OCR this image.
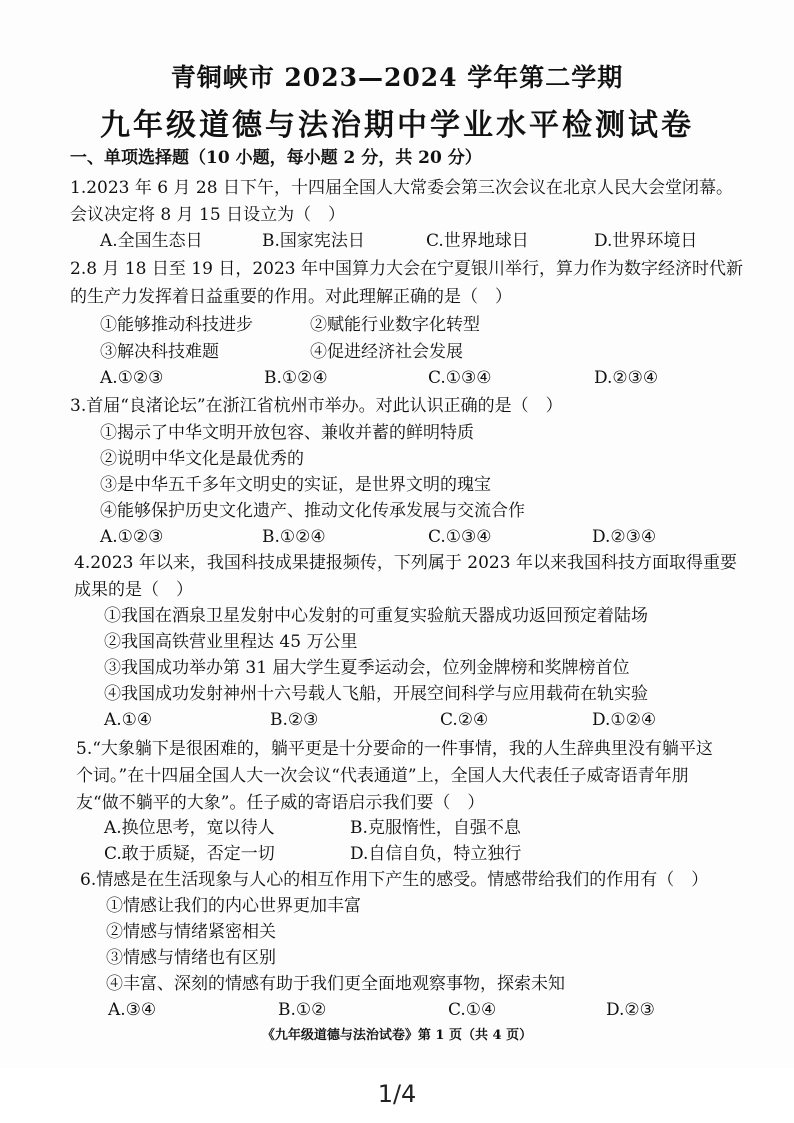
青铜峡市 2023—2024 学年第二学期
九年级道德与法治期中学业水平检测试卷
一、单项选择题（10 小题，每小题 2 分，共 20 分）
1.2023 年 6 月 28 日下午，十四届全国人大常委会第三次会议在北京人民大会堂闭幕。
会议决定将 8 月 15 日设立为（　）
A.全国生态日	B.国家宪法日	C.世界地球日	D.世界环境日
2.8 月 18 日至 19 日，2023 年中国算力大会在宁夏银川举行，算力作为数字经济时代新
的生产力发挥着日益重要的作用。对此理解正确的是（　）
①能够推动科技进步	②赋能行业数字化转型
③解决科技难题	④促进经济社会发展
A.①②③	B.①②④	C.①③④	D.②③④
3.首届“良渚论坛”在浙江省杭州市举办。对此认识正确的是（　）
①揭示了中华文明开放包容、兼收并蓄的鲜明特质
②说明中华文化是最优秀的
③是中华五千多年文明史的实证，是世界文明的瑰宝
④能够保护历史文化遗产、推动文化传承发展与交流合作
A.①②③	B.①②④	C.①③④	D.②③④
4.2023 年以来，我国科技成果捷报频传，下列属于 2023 年以来我国科技方面取得重要
成果的是（　）
①我国在酒泉卫星发射中心发射的可重复实验航天器成功返回预定着陆场
②我国高铁营业里程达 45 万公里
③我国成功举办第 31 届大学生夏季运动会，位列金牌榜和奖牌榜首位
④我国成功发射神州十六号载人飞船，开展空间科学与应用载荷在轨实验
A.①④	B.②③	C.②④	D.①②④
5.“大象躺下是很困难的，躺平更是十分要命的一件事情，我的人生辞典里没有躺平这
个词。”在十四届全国人大一次会议“代表通道”上，全国人大代表任子威寄语青年朋
友“做不躺平的大象”。任子威的寄语启示我们要（　）
A.换位思考，宽以待人	B.克服惰性，自强不息
C.敢于质疑，否定一切	D.自信自负，特立独行
6.情感是在生活现象与人心的相互作用下产生的感受。情感带给我们的作用有（　）
①情感让我们的内心世界更加丰富
②情感与情绪紧密相关
③情感与情绪也有区别
④丰富、深刻的情感有助于我们更全面地观察事物，探索未知
A.③④	B.①②	C.①④	D.②③
《九年级道德与法治试卷》第 1 页（共 4 页）
1/4
